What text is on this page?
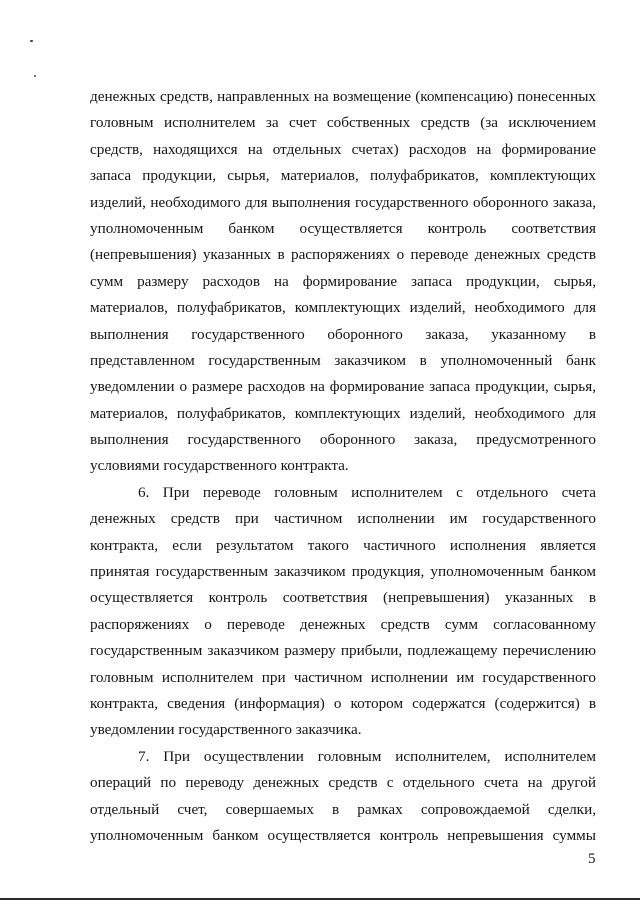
денежных средств, направленных на возмещение (компенсацию) понесенных
головным исполнителем за счет собственных средств (за исключением
средств, находящихся на отдельных счетах) расходов на формирование
запаса продукции, сырья, материалов, полуфабрикатов, комплектующих
изделий, необходимого для выполнения государственного оборонного заказа,
уполномоченным банком осуществляется контроль соответствия
(непревышения) указанных в распоряжениях о переводе денежных средств
сумм размеру расходов на формирование запаса продукции, сырья,
материалов, полуфабрикатов, комплектующих изделий, необходимого для
выполнения государственного оборонного заказа, указанному в
представленном государственным заказчиком в уполномоченный банк
уведомлении о размере расходов на формирование запаса продукции, сырья,
материалов, полуфабрикатов, комплектующих изделий, необходимого для
выполнения государственного оборонного заказа, предусмотренного
условиями государственного контракта.
6. При переводе головным исполнителем с отдельного счета
денежных средств при частичном исполнении им государственного
контракта, если результатом такого частичного исполнения является
принятая государственным заказчиком продукция, уполномоченным банком
осуществляется контроль соответствия (непревышения) указанных в
распоряжениях о переводе денежных средств сумм согласованному
государственным заказчиком размеру прибыли, подлежащему перечислению
головным исполнителем при частичном исполнении им государственного
контракта, сведения (информация) о котором содержатся (содержится) в
уведомлении государственного заказчика.
7. При осуществлении головным исполнителем, исполнителем
операций по переводу денежных средств с отдельного счета на другой
отдельный счет, совершаемых в рамках сопровождаемой сделки,
уполномоченным банком осуществляется контроль непревышения суммы
5
